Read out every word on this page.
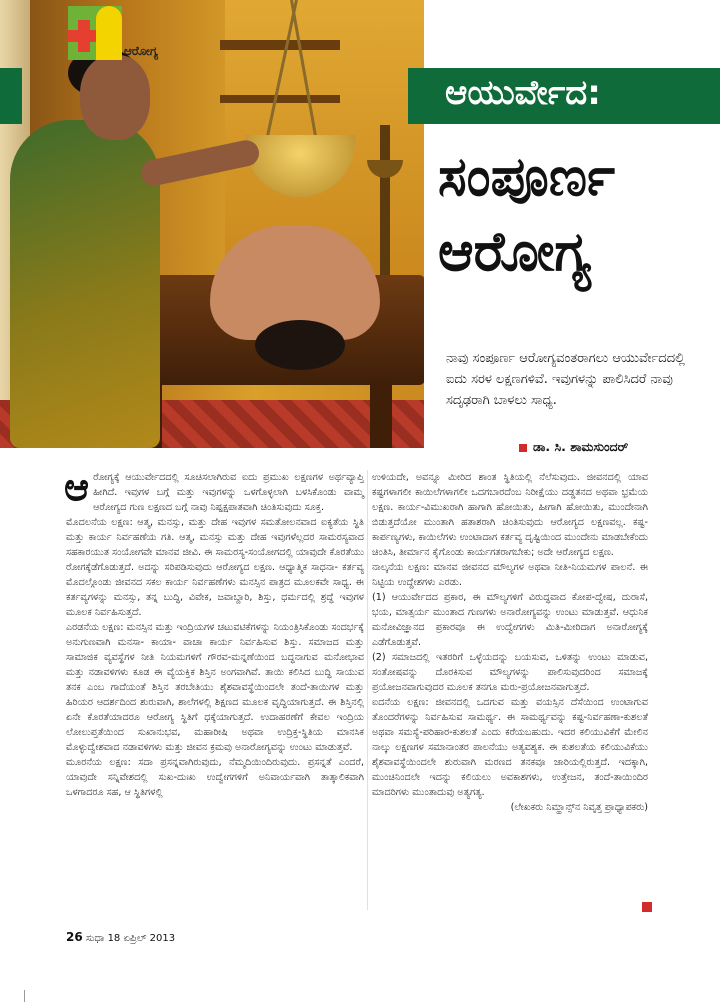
ಆರೋಗ್ಯ
ಆಯುರ್ವೇದ:
ಸಂಪೂರ್ಣ
ಆರೋಗ್ಯ

ನಾವು ಸಂಪೂರ್ಣ ಆರೋಗ್ಯವಂತರಾಗಲು ಆಯುರ್ವೇದದಲ್ಲಿ ಐದು ಸರಳ ಲಕ್ಷಣಗಳಿವೆ. ಇವುಗಳನ್ನು ಪಾಲಿಸಿದರೆ ನಾವು ಸದೃಢರಾಗಿ ಬಾಳಲು ಸಾಧ್ಯ.

ಡಾ. ಸಿ. ಶಾಮಸುಂದರ್

ಆರೋಗ್ಯಕ್ಕೆ ಆಯುರ್ವೇದದಲ್ಲಿ ಸೂಚಿಸಲಾಗಿರುವ ಐದು ಪ್ರಮುಖ ಲಕ್ಷಣಗಳ ಅರ್ಥವ್ಯಾಪ್ತಿ ಹೀಗಿದೆ. ಇವುಗಳ ಬಗ್ಗೆ ಮತ್ತು ಇವುಗಳನ್ನು ಒಳಗೊಳ್ಳಲಾಗಿ ಬಳಸಿಕೊಂಡು ವಾಮ್ಮ ಆರೋಗ್ಯದ ಗುಣ ಲಕ್ಷಣದ ಬಗ್ಗೆ ನಾವು ನಿಷ್ಪಕ್ಷಪಾತವಾಗಿ ಚಿಂತಿಸುವುದು ಸೂಕ್ತ.

ಮೊದಲನೆಯ ಲಕ್ಷಣ: ಆತ್ಮ, ಮನಸ್ಸು, ಮತ್ತು ದೇಹ ಇವುಗಳ ಸಮತೋಲನವಾದ ಐಕ್ಯತೆಯ ಸ್ಥಿತಿ ಮತ್ತು ಕಾರ್ಯ ನಿರ್ವಹಣೆಯ ಗತಿ. ಆತ್ಮ, ಮನಸ್ಸು ಮತ್ತು ದೇಹ ಇವುಗಳೆಲ್ಲದರ ಸಾಮರಸ್ಯವಾದ ಸಹಕಾರಯುತ ಸಂಯೋಗವೇ ಮಾನವ ಜೀವಿ. ಈ ಸಾಮರಸ್ಯ-ಸಂಯೋಗದಲ್ಲಿ ಯಾವುದೇ ಕೊರತೆಯು ರೋಗಕ್ಕೆಡೆಗೊಡುತ್ತದೆ. ಅದನ್ನು ಸರಿಪಡಿಸುವುದು ಆರೋಗ್ಯದ ಲಕ್ಷಣ. ಆಧ್ಯಾತ್ಮಿಕ ಸಾಧನಾ- ಕರ್ತವ್ಯ ಮೊದಲ್ಗೊಂಡು ಜೀವನದ ಸಕಲ ಕಾರ್ಯ ನಿರ್ವಹಣೆಗಳು ಮನಸ್ಸಿನ ಪಾತ್ರದ ಮೂಲಕವೇ ಸಾಧ್ಯ. ಈ ಕರ್ತವ್ಯಗಳನ್ನು ಮನಸ್ಸು, ತನ್ನ ಬುದ್ಧಿ, ವಿವೇಕ, ಜವಾಬ್ದಾರಿ, ಶಿಸ್ತು, ಧರ್ಮದಲ್ಲಿ ಶ್ರದ್ಧೆ ಇವುಗಳ ಮೂಲಕ ನಿರ್ವಹಿಸುತ್ತದೆ.

ಎರಡನೆಯ ಲಕ್ಷಣ: ಮನಸ್ಸಿನ ಮತ್ತು ಇಂದ್ರಿಯಗಳ ಚಟುವಟಿಕೆಗಳನ್ನು ನಿಯಂತ್ರಿಸಿಕೊಂಡು ಸಂದರ್ಭಕ್ಕೆ ಅನುಗುಣವಾಗಿ ಮನಸಾ- ಕಾಯಾ- ವಾಚಾ ಕಾರ್ಯ ನಿರ್ವಹಿಸುವ ಶಿಸ್ತು. ಸಮಾಜದ ಮತ್ತು ಸಾಮಾಜಿಕ ವ್ಯವಸ್ಥೆಗಳ ನೀತಿ ನಿಯಮಗಳಿಗೆ ಗೌರವ-ಮನ್ನಣೆಯಿಂದ ಬದ್ಧನಾಗುವ ಮನೋಭಾವ ಮತ್ತು ನಡಾವಳಿಗಳು ಕೂಡ ಈ ವ್ಯೆಯಕ್ತಿಕ ಶಿಸ್ತಿನ ಅಂಗವಾಗಿವೆ. ತಾಯಿ ಕಲಿಸಿದ ಬುದ್ಧಿ ಸಾಯುವ ತನಕ ಎಂಬ ಗಾದೆಯಂತೆ ಶಿಸ್ತಿನ ತರಬೇತಿಯು ಶೈಶವಾವಸ್ಥೆಯಿಂದಲೇ ತಂದೆ-ತಾಯಿಗಳ ಮತ್ತು ಹಿರಿಯರ ಆದರ್ಶದಿಂದ ಶುರುವಾಗಿ, ಶಾಲೆಗಳಲ್ಲಿ ಶಿಕ್ಷಣದ ಮೂಲಕ ವೃದ್ಧಿಯಾಗುತ್ತದೆ. ಈ ಶಿಸ್ತಿನಲ್ಲಿ ಏನೇ ಕೊರತೆಯಾದರೂ ಆರೋಗ್ಯ ಸ್ಥಿತಿಗೆ ಧಕ್ಕೆಯಾಗುತ್ತದೆ. ಉದಾಹರಣೆಗೆ ಕೇವಲ ಇಂದ್ರಿಯ ಲೋಲುಪ್ತತೆಯಿಂದ ಸುಖಾನುಭವ, ಮಹಾರೀಷಿ ಅಥವಾ ಉದ್ರಿಕ್ತ-ಸ್ಥಿತಿಯ ಮಾನಸಿಕ ಮೊಳ್ಳುದ್ವೇಶವಾದ ನಡಾವಳಿಗಳು ಮತ್ತು ಜೀವನ ಕ್ರಮವು ಅನಾರೋಗ್ಯವನ್ನು ಉಂಟು ಮಾಡುತ್ತವೆ.

ಮೂರನೆಯ ಲಕ್ಷಣ: ಸದಾ ಪ್ರಸನ್ನವಾಗಿರುವುದು, ನೆಮ್ಮದಿಯಿಂದಿರುವುದು. ಪ್ರಸನ್ನತೆ ಎಂದರೆ, ಯಾವುದೇ ಸನ್ನಿವೇಶದಲ್ಲಿ ಸುಖ-ದುಃಖ ಉದ್ವೇಗಗಳಿಗೆ ಅನಿವಾರ್ಯವಾಗಿ ತಾತ್ಕಾಲಿಕವಾಗಿ ಒಳಗಾದರೂ ಸಹ, ಆ ಸ್ಥಿತಿಗಳಲ್ಲಿ

ಉಳಿಯದೇ, ಅವನ್ನೂ ಮೀರಿದ ಶಾಂತ ಸ್ಥಿತಿಯಲ್ಲಿ ನೆಲೆಸುವುದು. ಜೀವನದಲ್ಲಿ ಯಾವ ಕಷ್ಟಗಳಾಗಲೀ ಕಾಯಿಲೆಗಳಾಗಲೀ ಒದಗಬಾರದೆಂಬ ನಿರೀಕ್ಷೆಯು ದಡ್ಡತನದ ಅಥವಾ ಭ್ರಮೆಯ ಲಕ್ಷಣ. ಕಾರ್ಯ-ವಿಮುಖರಾಗಿ ಹಾಗಾಗಿ ಹೋಯಿತು, ಹೀಗಾಗಿ ಹೋಯಿತು, ಮುಂದೇನಾಗಿ ಬಿಡುತ್ತದೆಯೋ ಮುಂತಾಗಿ ಹತಾಶರಾಗಿ ಚಿಂತಿಸುವುದು ಆರೋಗ್ಯದ ಲಕ್ಷಣವಲ್ಲ. ಕಷ್ಟ-ಕಾರ್ಪಣ್ಯಗಳು, ಕಾಯಿಲೆಗಳು ಉಂಟಾದಾಗ ಕರ್ತವ್ಯ ದೃಷ್ಟಿಯಿಂದ ಮುಂದೇನು ಮಾಡಬೇಕೆಂದು ಚಿಂತಿಸಿ, ತೀರ್ಮಾನ ಕೈಗೊಂಡು ಕಾರ್ಯಗತರಾಗಬೇಕು; ಅದೇ ಆರೋಗ್ಯದ ಲಕ್ಷಣ.

ನಾಲ್ಕನೆಯ ಲಕ್ಷಣ: ಮಾನವ ಜೀವನದ ಮೌಲ್ಯಗಳ ಅಥವಾ ನೀತಿ-ನಿಯಮಗಳ ಪಾಲನೆ. ಈ ನಿಟ್ಟಿಯ ಉದ್ದೇಶಗಳು ಎರಡು.

(1) ಆಯುರ್ವೇದದ ಪ್ರಕಾರ, ಈ ಮೌಲ್ಯಗಳಿಗೆ ವಿರುದ್ಧವಾದ ಕೋಪ-ದ್ವೇಷ, ದುರಾಸೆ, ಭಯ, ಮಾತ್ಸರ್ಯ ಮುಂತಾದ ಗುಣಗಳು ಅನಾರೋಗ್ಯವನ್ನು ಉಂಟು ಮಾಡುತ್ತವೆ. ಆಧುನಿಕ ಮನೋವಿಜ್ಞಾನದ ಪ್ರಕಾರವೂ ಈ ಉದ್ವೇಗಗಳು ಮಿತಿ-ಮೀರಿದಾಗ ಅನಾರೋಗ್ಯಕ್ಕೆ ಎಡೆಗೊಡುತ್ತವೆ.

(2) ಸಮಾಜದಲ್ಲಿ ಇತರರಿಗೆ ಒಳ್ಳೆಯದನ್ನು ಬಯಸುವ, ಒಳಿತನ್ನು ಉಂಟು ಮಾಡುವ, ಸಂತೋಷವನ್ನು ದೊರಕಿಸುವ ಮೌಲ್ಯಗಳನ್ನು ಪಾಲಿಸುವುದರಿಂದ ಸಮಾಜಕ್ಕೆ ಪ್ರಯೋಜನವಾಗುವುದರ ಮೂಲಕ ತನಗೂ ಮರು-ಪ್ರಯೋಜನವಾಗುತ್ತದೆ.

ಐದನೆಯ ಲಕ್ಷಣ: ಜೀವನದಲ್ಲಿ ಒದಗುವ ಮತ್ತು ವಯಸ್ಸಿನ ದೆಸೆಯಿಂದ ಉಂಟಾಗುವ ತೊಂದರೆಗಳನ್ನು ನಿರ್ವಹಿಸುವ ಸಾಮರ್ಥ್ಯ. ಈ ಸಾಮರ್ಥ್ಯವನ್ನು ಕಷ್ಟ-ನಿರ್ವಹಣಾ-ಕುಶಲತೆ ಅಥವಾ ಸಮಸ್ಯೆ-ಪರಿಹಾರ-ಕುಶಲತೆ ಎಂದು ಕರೆಯಬಹುದು. ಇದರ ಕಲಿಯುವಿಕೆಗೆ ಮೇಲಿನ ನಾಲ್ಕು ಲಕ್ಷಣಗಳ ಸಮಾನಾಂತರ ಪಾಲನೆಯು ಅತ್ಯವಶ್ಯಕ. ಈ ಕುಶಲತೆಯ ಕಲಿಯುವಿಕೆಯು ಶೈಶವಾವಸ್ಥೆಯಿಂದಲೇ ಶುರುವಾಗಿ ಮರಣದ ತನಕವೂ ಜಾರಿಯಲ್ಲಿರುತ್ತದೆ. ಇದಕ್ಕಾಗಿ, ಮುಂಚಿನಿಂದಲೇ ಇದನ್ನು ಕಲಿಯಲು ಅವಕಾಶಗಳು, ಉತ್ತೇಜನ, ತಂದೆ-ತಾಯಿಂದಿರ ಮಾದರಿಗಳು ಮುಂತಾದುವು ಅತ್ಯಗತ್ಯ.

(ಲೇಖಕರು ನಿಮ್ಹಾನ್ಸ್‌ನ ನಿವೃತ್ತ ಪ್ರಾಧ್ಯಾಪಕರು)

26 ಸುಧಾ 18 ಏಪ್ರಿಲ್ 2013
